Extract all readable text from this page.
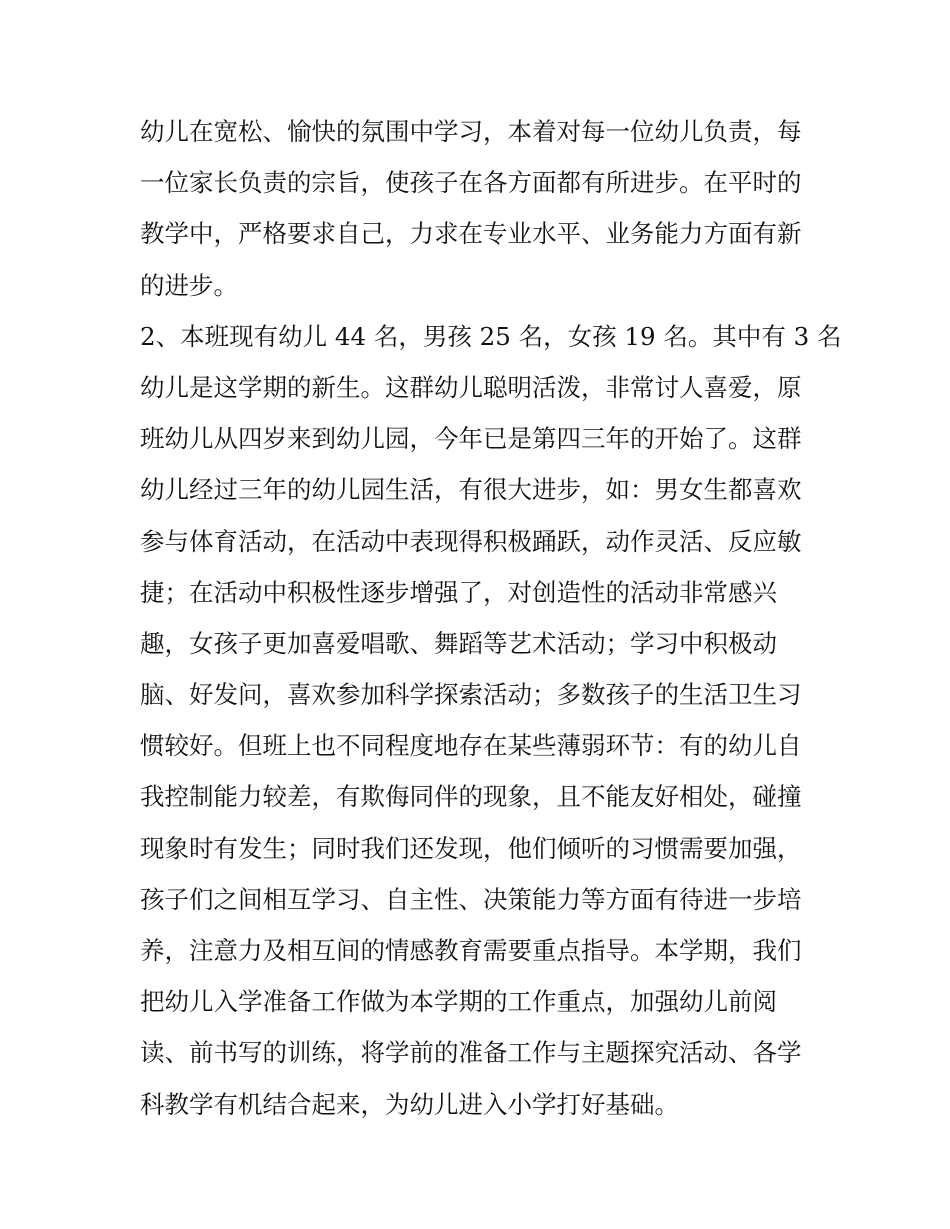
幼儿在宽松、愉快的氛围中学习，本着对每一位幼儿负责，每
一位家长负责的宗旨，使孩子在各方面都有所进步。在平时的
教学中，严格要求自己，力求在专业水平、业务能力方面有新
的进步。
2、本班现有幼儿 44 名，男孩 25 名，女孩 19 名。其中有 3 名
幼儿是这学期的新生。这群幼儿聪明活泼，非常讨人喜爱，原
班幼儿从四岁来到幼儿园，今年已是第四三年的开始了。这群
幼儿经过三年的幼儿园生活，有很大进步，如：男女生都喜欢
参与体育活动，在活动中表现得积极踊跃，动作灵活、反应敏
捷；在活动中积极性逐步增强了，对创造性的活动非常感兴
趣，女孩子更加喜爱唱歌、舞蹈等艺术活动；学习中积极动
脑、好发问，喜欢参加科学探索活动；多数孩子的生活卫生习
惯较好。但班上也不同程度地存在某些薄弱环节：有的幼儿自
我控制能力较差，有欺侮同伴的现象，且不能友好相处，碰撞
现象时有发生；同时我们还发现，他们倾听的习惯需要加强，
孩子们之间相互学习、自主性、决策能力等方面有待进一步培
养，注意力及相互间的情感教育需要重点指导。本学期，我们
把幼儿入学准备工作做为本学期的工作重点，加强幼儿前阅
读、前书写的训练，将学前的准备工作与主题探究活动、各学
科教学有机结合起来，为幼儿进入小学打好基础。
